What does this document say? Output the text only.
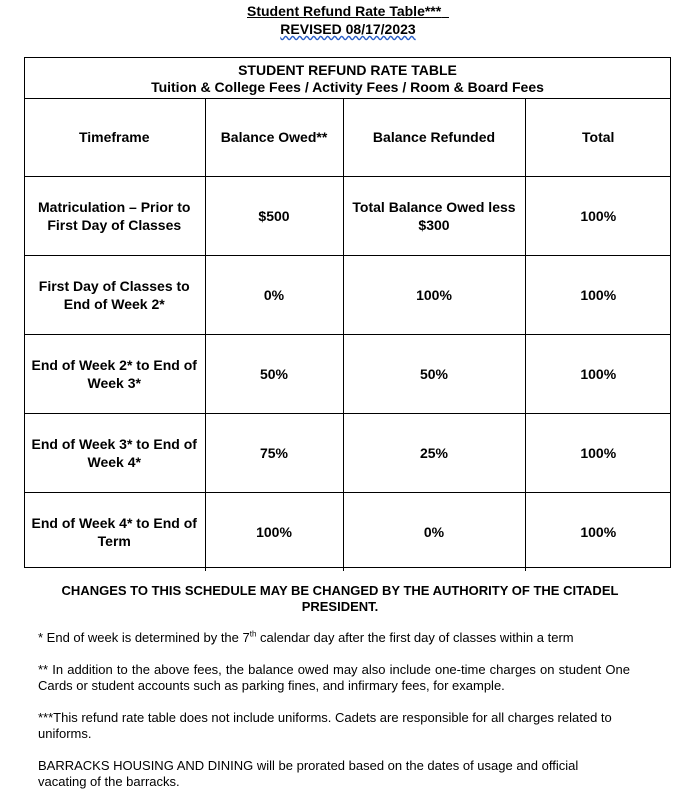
Student Refund Rate Table***
REVISED 08/17/2023
STUDENT REFUND RATE TABLE
Tuition & College Fees / Activity Fees / Room & Board Fees
Timeframe	Balance Owed**	Balance Refunded	Total
Matriculation – Prior to First Day of Classes	$500	Total Balance Owed less $300	100%
First Day of Classes to End of Week 2*	0%	100%	100%
End of Week 2* to End of Week 3*	50%	50%	100%
End of Week 3* to End of Week 4*	75%	25%	100%
End of Week 4* to End of Term	100%	0%	100%
CHANGES TO THIS SCHEDULE MAY BE CHANGED BY THE AUTHORITY OF THE CITADEL PRESIDENT.
* End of week is determined by the 7th calendar day after the first day of classes within a term
** In addition to the above fees, the balance owed may also include one-time charges on student One Cards or student accounts such as parking fines, and infirmary fees, for example.
***This refund rate table does not include uniforms. Cadets are responsible for all charges related to uniforms.
BARRACKS HOUSING AND DINING will be prorated based on the dates of usage and official vacating of the barracks.
